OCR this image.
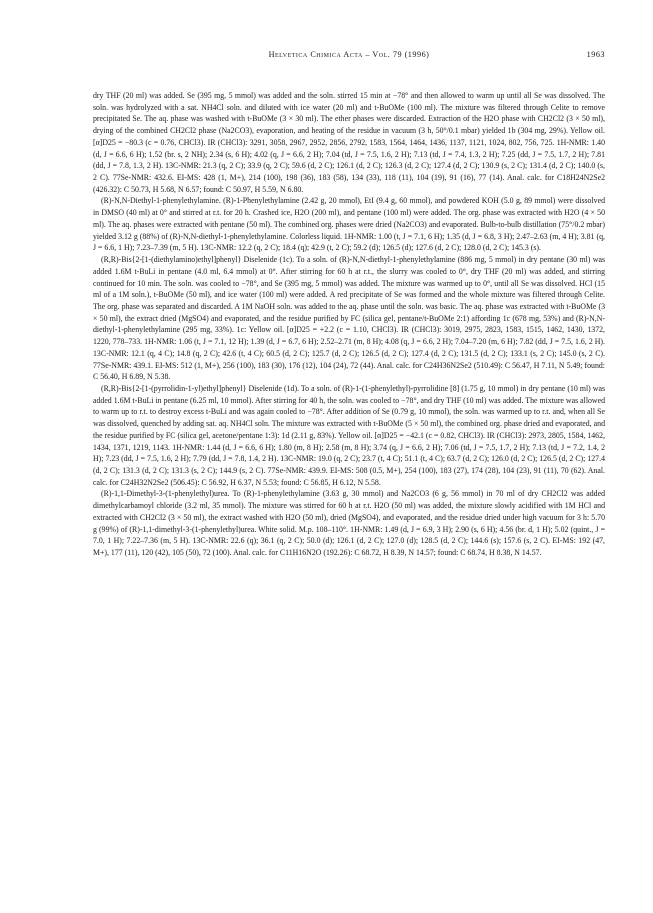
Helvetica Chimica Acta – Vol. 79 (1996)	1963

dry THF (20 ml) was added. Se (395 mg, 5 mmol) was added and the soln. stirred 15 min at −78° and then allowed to warm up until all Se was dissolved. The soln. was hydrolyzed with a sat. NH4Cl soln. and diluted with ice water (20 ml) and t-BuOMe (100 ml). The mixture was filtered through Celite to remove precipitated Se. The aq. phase was washed with t-BuOMe (3 × 30 ml). The ether phases were discarded. Extraction of the H2O phase with CH2Cl2 (3 × 50 ml), drying of the combined CH2Cl2 phase (Na2CO3), evaporation, and heating of the residue in vacuum (3 h, 50°/0.1 mbar) yielded 1b (304 mg, 29%). Yellow oil. [α]D25 = −80.3 (c = 0.76, CHCl3). IR (CHCl3): 3291, 3058, 2967, 2952, 2856, 2792, 1583, 1564, 1464, 1436, 1137, 1121, 1024, 802, 756, 725. 1H-NMR: 1.40 (d, J = 6.6, 6 H); 1.52 (br. s, 2 NH); 2.34 (s, 6 H); 4.02 (q, J = 6.6, 2 H); 7.04 (td, J = 7.5, 1.6, 2 H); 7.13 (td, J = 7.4, 1.3, 2 H); 7.25 (dd, J = 7.5, 1.7, 2 H); 7.81 (dd, J = 7.8, 1.3, 2 H). 13C-NMR: 21.3 (q, 2 C); 33.9 (q, 2 C); 59.6 (d, 2 C); 126.1 (d, 2 C); 126.3 (d, 2 C); 127.4 (d, 2 C); 130.9 (s, 2 C); 131.4 (d, 2 C); 140.0 (s, 2 C). 77Se-NMR: 432.6. EI-MS: 428 (1, M+), 214 (100), 198 (36), 183 (58), 134 (33), 118 (11), 104 (19), 91 (16), 77 (14). Anal. calc. for C18H24N2Se2 (426.32): C 50.73, H 5.68, N 6.57; found: C 50.97, H 5.59, N 6.80.

(R)-N,N-Diethyl-1-phenylethylamine. (R)-1-Phenylethylamine (2.42 g, 20 mmol), EtI (9.4 g, 60 mmol), and powdered KOH (5.0 g, 89 mmol) were dissolved in DMSO (40 ml) at 0° and stirred at r.t. for 20 h. Crashed ice, H2O (200 ml), and pentane (100 ml) were added. The org. phase was extracted with H2O (4 × 50 ml). The aq. phases were extracted with pentane (50 ml). The combined org. phases were dried (Na2CO3) and evaporated. Bulb-to-bulb distillation (75°/0.2 mbar) yielded 3.12 g (88%) of (R)-N,N-diethyl-1-phenylethylamine. Colorless liquid. 1H-NMR: 1.00 (t, J = 7.1, 6 H); 1.35 (d, J = 6.8, 3 H); 2.47–2.63 (m, 4 H); 3.81 (q, J = 6.6, 1 H); 7.23–7.39 (m, 5 H). 13C-NMR: 12.2 (q, 2 C); 18.4 (q); 42.9 (t, 2 C); 59.2 (d); 126.5 (d); 127.6 (d, 2 C); 128.0 (d, 2 C); 145.3 (s).

(R,R)-Bis{2-[1-(diethylamino)ethyl]phenyl} Diselenide (1c). To a soln. of (R)-N,N-diethyl-1-phenylethylamine (886 mg, 5 mmol) in dry pentane (30 ml) was added 1.6M t-BuLi in pentane (4.0 ml, 6.4 mmol) at 0°. After stirring for 60 h at r.t., the slurry was cooled to 0°, dry THF (20 ml) was added, and stirring continued for 10 min. The soln. was cooled to −78°, and Se (395 mg, 5 mmol) was added. The mixture was warmed up to 0°, until all Se was dissolved. HCl (15 ml of a 1M soln.), t-BuOMe (50 ml), and ice water (100 ml) were added. A red precipitate of Se was formed and the whole mixture was filtered through Celite. The org. phase was separated and discarded. A 1M NaOH soln. was added to the aq. phase until the soln. was basic. The aq. phase was extracted with t-BuOMe (3 × 50 ml), the extract dried (MgSO4) and evaporated, and the residue purified by FC (silica gel, pentane/t-BuOMe 2:1) affording 1c (678 mg, 53%) and (R)-N,N-diethyl-1-phenylethylamine (295 mg, 33%). 1c: Yellow oil. [α]D25 = +2.2 (c = 1.10, CHCl3). IR (CHCl3): 3019, 2975, 2823, 1583, 1515, 1462, 1430, 1372, 1220, 778–733. 1H-NMR: 1.06 (t, J = 7.1, 12 H); 1.39 (d, J = 6.7, 6 H); 2.52–2.71 (m, 8 H); 4.08 (q, J = 6.6, 2 H); 7.04–7.20 (m, 6 H); 7.82 (dd, J = 7.5, 1.6, 2 H). 13C-NMR: 12.1 (q, 4 C); 14.8 (q, 2 C); 42.6 (t, 4 C); 60.5 (d, 2 C); 125.7 (d, 2 C); 126.5 (d, 2 C); 127.4 (d, 2 C); 131.5 (d, 2 C); 133.1 (s, 2 C); 145.0 (s, 2 C). 77Se-NMR: 439.1. EI-MS: 512 (1, M+), 256 (100), 183 (30), 176 (12), 104 (24), 72 (44). Anal. calc. for C24H36N2Se2 (510.49): C 56.47, H 7.11, N 5.49; found: C 56.40, H 6.89, N 5.38.

(R,R)-Bis{2-[1-(pyrrolidin-1-yl)ethyl]phenyl} Diselenide (1d). To a soln. of (R)-1-(1-phenylethyl)-pyrrolidine [8] (1.75 g, 10 mmol) in dry pentane (10 ml) was added 1.6M t-BuLi in pentane (6.25 ml, 10 mmol). After stirring for 40 h, the soln. was cooled to −78°, and dry THF (10 ml) was added. The mixture was allowed to warm up to r.t. to destroy excess t-BuLi and was again cooled to −78°. After addition of Se (0.79 g, 10 mmol), the soln. was warmed up to r.t. and, when all Se was dissolved, quenched by adding sat. aq. NH4Cl soln. The mixture was extracted with t-BuOMe (5 × 50 ml), the combined org. phase dried and evaporated, and the residue purified by FC (silica gel, acetone/pentane 1:3): 1d (2.11 g, 83%). Yellow oil. [α]D25 = −42.1 (c = 0.82, CHCl3). IR (CHCl3): 2973, 2805, 1584, 1462, 1434, 1371, 1219, 1143. 1H-NMR: 1.44 (d, J = 6.6, 6 H); 1.80 (m, 8 H); 2.58 (m, 8 H); 3.74 (q, J = 6.6, 2 H); 7.06 (td, J = 7.5, 1.7, 2 H); 7.13 (td, J = 7.2, 1.4, 2 H); 7.23 (dd, J = 7.5, 1.6, 2 H); 7.79 (dd, J = 7.8, 1.4, 2 H). 13C-NMR: 19.0 (q, 2 C); 23.7 (t, 4 C); 51.1 (t, 4 C); 63.7 (d, 2 C); 126.0 (d, 2 C); 126.5 (d, 2 C); 127.4 (d, 2 C); 131.3 (d, 2 C); 131.3 (s, 2 C); 144.9 (s, 2 C). 77Se-NMR: 439.9. EI-MS: 508 (0.5, M+), 254 (100), 183 (27), 174 (28), 104 (23), 91 (11), 70 (62). Anal. calc. for C24H32N2Se2 (506.45): C 56.92, H 6.37, N 5.53; found: C 56.85, H 6.12, N 5.58.

(R)-1,1-Dimethyl-3-(1-phenylethyl)urea. To (R)-1-phenylethylamine (3.63 g, 30 mmol) and Na2CO3 (6 g, 56 mmol) in 70 ml of dry CH2Cl2 was added dimethylcarbamoyl chloride (3.2 ml, 35 mmol). The mixture was stirred for 60 h at r.t. H2O (50 ml) was added, the mixture slowly acidified with 1M HCl and extracted with CH2Cl2 (3 × 50 ml), the extract washed with H2O (50 ml), dried (MgSO4), and evaporated, and the residue dried under high vacuum for 3 h: 5.70 g (99%) of (R)-1,1-dimethyl-3-(1-phenylethyl)urea. White solid. M.p. 108–110°. 1H-NMR: 1.49 (d, J = 6.9, 3 H); 2.90 (s, 6 H); 4.56 (br. d, 1 H); 5.02 (quint., J = 7.0, 1 H); 7.22–7.36 (m, 5 H). 13C-NMR: 22.6 (q); 36.1 (q, 2 C); 50.0 (d); 126.1 (d, 2 C); 127.0 (d); 128.5 (d, 2 C); 144.6 (s); 157.6 (s, 2 C). EI-MS: 192 (47, M+), 177 (11), 120 (42), 105 (50), 72 (100). Anal. calc. for C11H16N2O (192.26): C 68.72, H 8.39, N 14.57; found: C 68.74, H 8.38, N 14.57.
